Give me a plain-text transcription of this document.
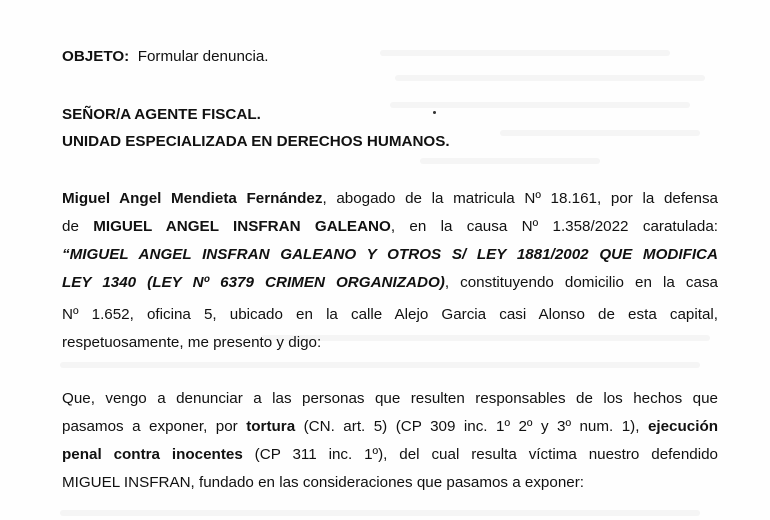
OBJETO: Formular denuncia.
SEÑOR/A AGENTE FISCAL.
UNIDAD ESPECIALIZADA EN DERECHOS HUMANOS.
Miguel Angel Mendieta Fernández, abogado de la matricula Nº 18.161, por la defensa
de MIGUEL ANGEL INSFRAN GALEANO, en la causa Nº 1.358/2022 caratulada:
“MIGUEL ANGEL INSFRAN GALEANO Y OTROS S/ LEY 1881/2002 QUE MODIFICA
LEY 1340 (LEY Nº 6379 CRIMEN ORGANIZADO), constituyendo domicilio en la casa
Nº 1.652, oficina 5, ubicado en la calle Alejo Garcia casi Alonso de esta capital,
respetuosamente, me presento y digo:
Que, vengo a denunciar a las personas que resulten responsables de los hechos que
pasamos a exponer, por tortura (CN. art. 5) (CP 309 inc. 1º 2º y 3º num. 1), ejecución
penal contra inocentes (CP 311 inc. 1º), del cual resulta víctima nuestro defendido
MIGUEL INSFRAN, fundado en las consideraciones que pasamos a exponer:
